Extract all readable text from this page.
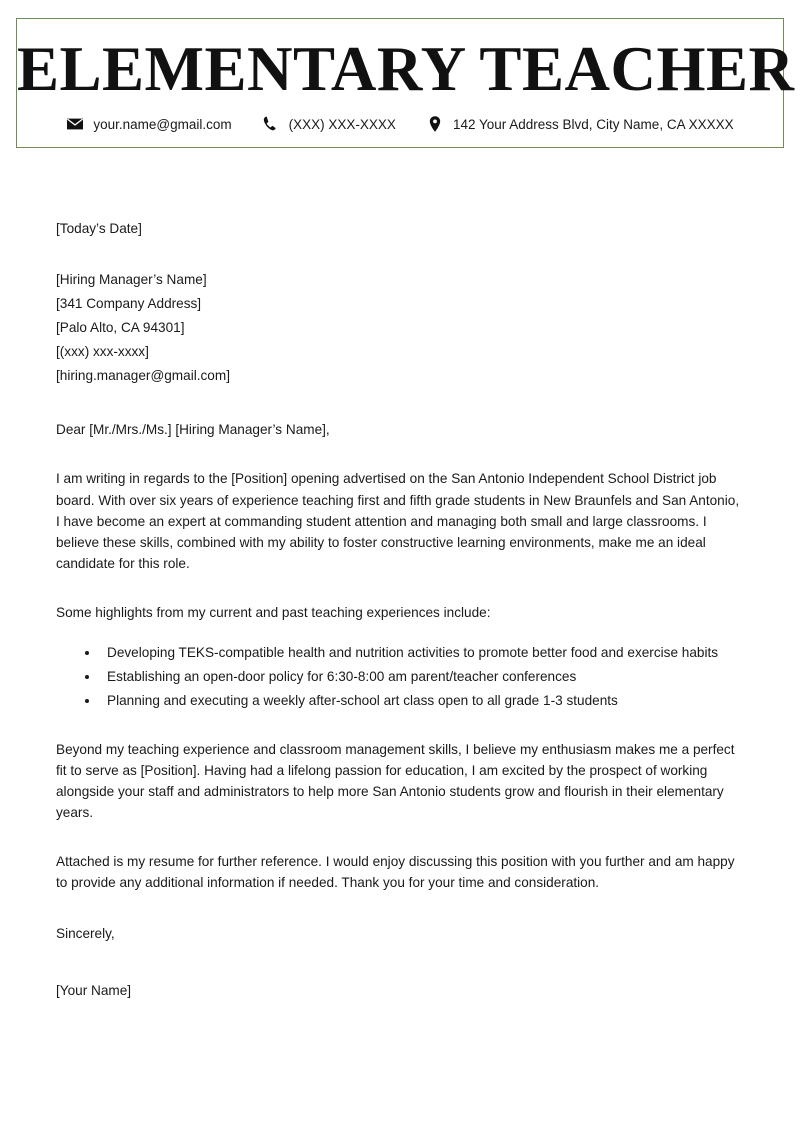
ELEMENTARY TEACHER
your.name@gmail.com	(XXX) XXX-XXXX	142 Your Address Blvd, City Name, CA XXXXX

[Today’s Date]

[Hiring Manager’s Name]

[341 Company Address]

[Palo Alto, CA 94301]

[(xxx) xxx-xxxx]

[hiring.manager@gmail.com]

Dear [Mr./Mrs./Ms.] [Hiring Manager’s Name],

I am writing in regards to the [Position] opening advertised on the San Antonio Independent School District job board. With over six years of experience teaching first and fifth grade students in New Braunfels and San Antonio, I have become an expert at commanding student attention and managing both small and large classrooms. I believe these skills, combined with my ability to foster constructive learning environments, make me an ideal candidate for this role.

Some highlights from my current and past teaching experiences include:

• Developing TEKS-compatible health and nutrition activities to promote better food and exercise habits
• Establishing an open-door policy for 6:30-8:00 am parent/teacher conferences
• Planning and executing a weekly after-school art class open to all grade 1-3 students

Beyond my teaching experience and classroom management skills, I believe my enthusiasm makes me a perfect fit to serve as [Position]. Having had a lifelong passion for education, I am excited by the prospect of working alongside your staff and administrators to help more San Antonio students grow and flourish in their elementary years.

Attached is my resume for further reference. I would enjoy discussing this position with you further and am happy to provide any additional information if needed. Thank you for your time and consideration.

Sincerely,

[Your Name]
